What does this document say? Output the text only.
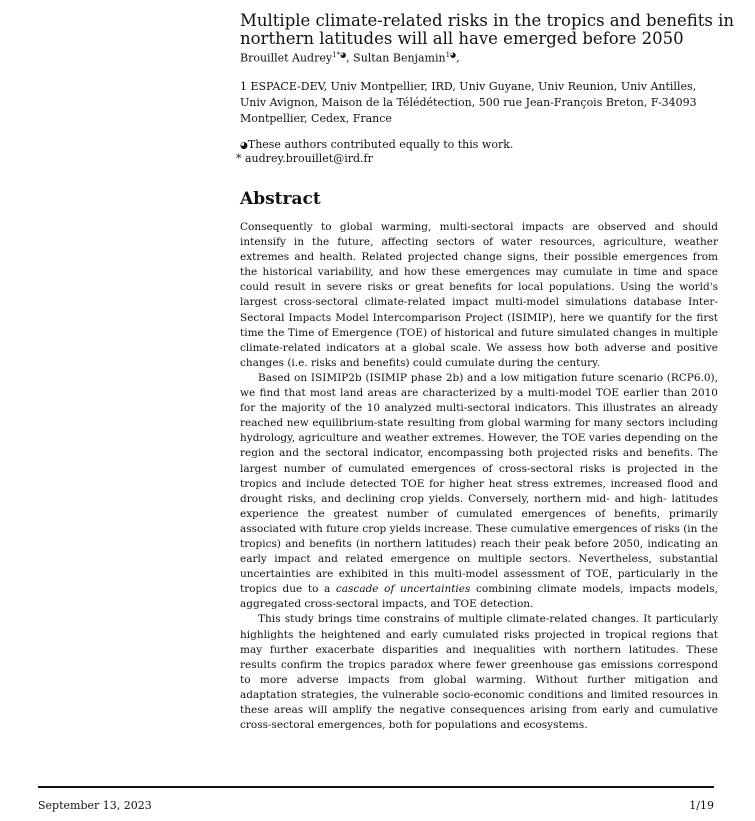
Multiple climate-related risks in the tropics and benefits in northern latitudes will all have emerged before 2050

Brouillet Audrey$^{1*◕}$, Sultan Benjamin$^{1◕}$,

1 ESPACE-DEV, Univ Montpellier, IRD, Univ Guyane, Univ Reunion, Univ Antilles, Univ Avignon, Maison de la Télédétection, 500 rue Jean-François Breton, F-34093 Montpellier, Cedex, France

◕These authors contributed equally to this work.

* audrey.brouillet@ird.fr

Abstract

Consequently to global warming, multi-sectoral impacts are observed and should intensify in the future, affecting sectors of water resources, agriculture, weather extremes and health. Related projected change signs, their possible emergences from the historical variability, and how these emergences may cumulate in time and space could result in severe risks or great benefits for local populations. Using the world's largest cross-sectoral climate-related impact multi-model simulations database Inter-Sectoral Impacts Model Intercomparison Project (ISIMIP), here we quantify for the first time the Time of Emergence (TOE) of historical and future simulated changes in multiple climate-related indicators at a global scale. We assess how both adverse and positive changes (i.e. risks and benefits) could cumulate during the century.

Based on ISIMIP2b (ISIMIP phase 2b) and a low mitigation future scenario (RCP6.0), we find that most land areas are characterized by a multi-model TOE earlier than 2010 for the majority of the 10 analyzed multi-sectoral indicators. This illustrates an already reached new equilibrium-state resulting from global warming for many sectors including hydrology, agriculture and weather extremes. However, the TOE varies depending on the region and the sectoral indicator, encompassing both projected risks and benefits. The largest number of cumulated emergences of cross-sectoral risks is projected in the tropics and include detected TOE for higher heat stress extremes, increased flood and drought risks, and declining crop yields. Conversely, northern mid- and high- latitudes experience the greatest number of cumulated emergences of benefits, primarily associated with future crop yields increase. These cumulative emergences of risks (in the tropics) and benefits (in northern latitudes) reach their peak before 2050, indicating an early impact and related emergence on multiple sectors. Nevertheless, substantial uncertainties are exhibited in this multi-model assessment of TOE, particularly in the tropics due to a cascade of uncertainties combining climate models, impacts models, aggregated cross-sectoral impacts, and TOE detection.

This study brings time constrains of multiple climate-related changes. It particularly highlights the heightened and early cumulated risks projected in tropical regions that may further exacerbate disparities and inequalities with northern latitudes. These results confirm the tropics paradox where fewer greenhouse gas emissions correspond to more adverse impacts from global warming. Without further mitigation and adaptation strategies, the vulnerable socio-economic conditions and limited resources in these areas will amplify the negative consequences arising from early and cumulative cross-sectoral emergences, both for populations and ecosystems.

September 13, 2023	1/19
